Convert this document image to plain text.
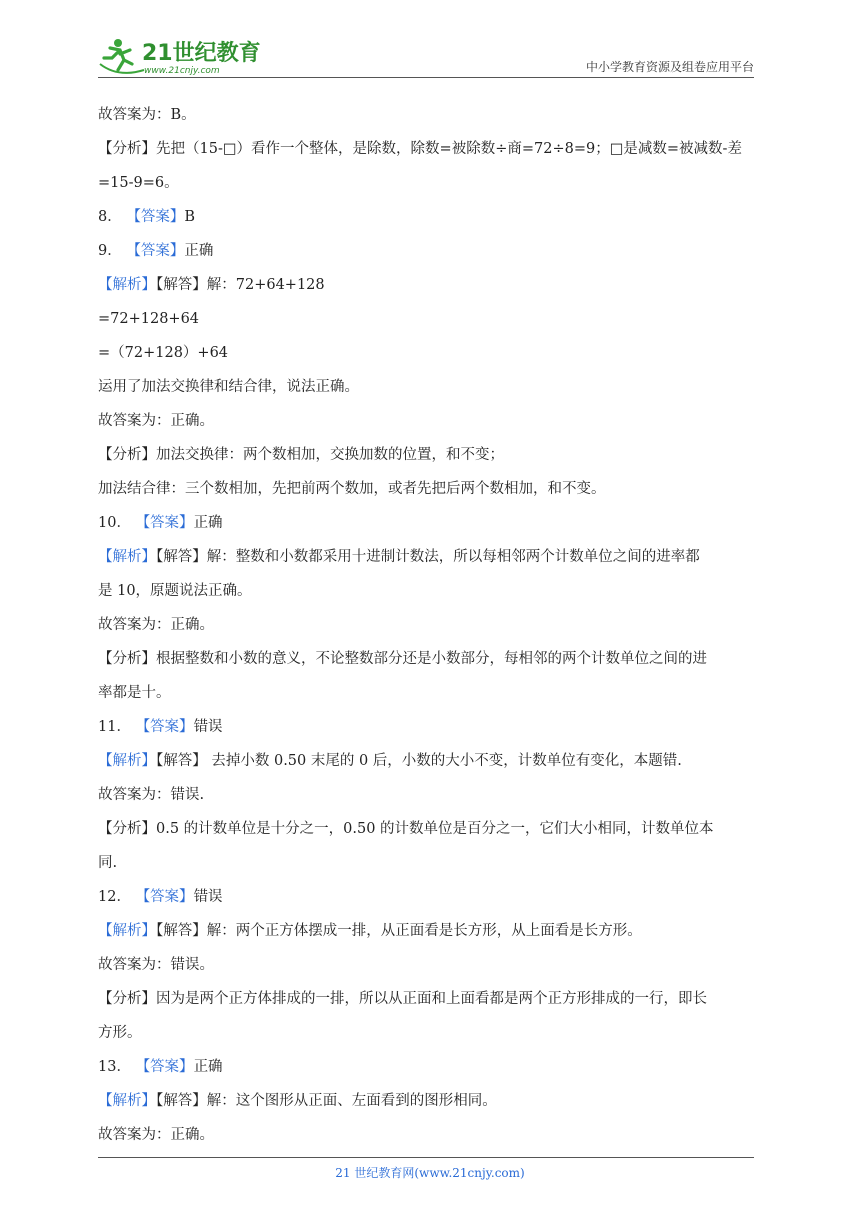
21世纪教育
www.21cnjy.com	中小学教育资源及组卷应用平台
故答案为：B。
【分析】先把（15-□）看作一个整体，是除数，除数=被除数÷商=72÷8=9；□是减数=被减数-差
=15-9=6。
8． 【答案】B
9． 【答案】正确
【解析】【解答】解：72+64+128
=72+128+64
=（72+128）+64
运用了加法交换律和结合律，说法正确。
故答案为：正确。
【分析】加法交换律：两个数相加，交换加数的位置，和不变；
加法结合律：三个数相加，先把前两个数加，或者先把后两个数相加，和不变。
10． 【答案】正确
【解析】【解答】解：整数和小数都采用十进制计数法，所以每相邻两个计数单位之间的进率都
是 10，原题说法正确。
故答案为：正确。
【分析】根据整数和小数的意义，不论整数部分还是小数部分，每相邻的两个计数单位之间的进
率都是十。
11． 【答案】错误
【解析】【解答】 去掉小数 0.50 末尾的 0 后，小数的大小不变，计数单位有变化，本题错.
故答案为：错误.
【分析】0.5 的计数单位是十分之一，0.50 的计数单位是百分之一，它们大小相同，计数单位本
同.
12． 【答案】错误
【解析】【解答】解：两个正方体摆成一排，从正面看是长方形，从上面看是长方形。
故答案为：错误。
【分析】因为是两个正方体排成的一排，所以从正面和上面看都是两个正方形排成的一行，即长
方形。
13． 【答案】正确
【解析】【解答】解：这个图形从正面、左面看到的图形相同。
故答案为：正确。
21 世纪教育网(www.21cnjy.com)
